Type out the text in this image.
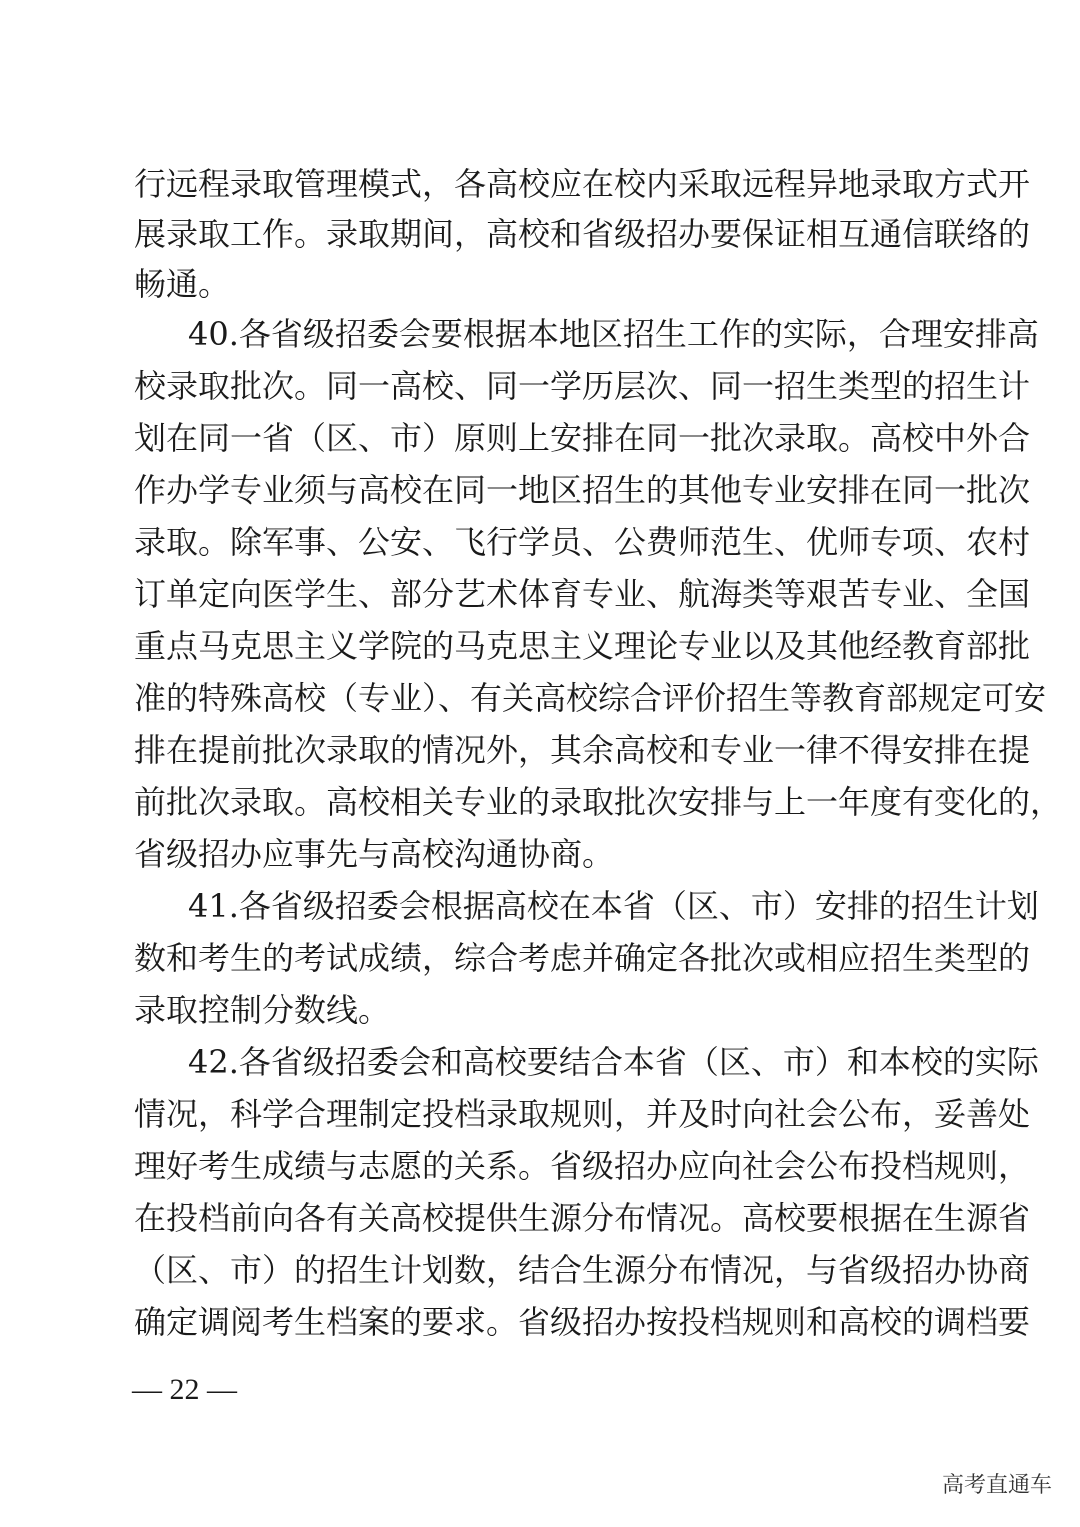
行远程录取管理模式，各高校应在校内采取远程异地录取方式开
展录取工作。录取期间，高校和省级招办要保证相互通信联络的
畅通。
40.各省级招委会要根据本地区招生工作的实际，合理安排高
校录取批次。同一高校、同一学历层次、同一招生类型的招生计
划在同一省（区、市）原则上安排在同一批次录取。高校中外合
作办学专业须与高校在同一地区招生的其他专业安排在同一批次
录取。除军事、公安、飞行学员、公费师范生、优师专项、农村
订单定向医学生、部分艺术体育专业、航海类等艰苦专业、全国
重点马克思主义学院的马克思主义理论专业以及其他经教育部批
准的特殊高校（专业）、有关高校综合评价招生等教育部规定可安
排在提前批次录取的情况外，其余高校和专业一律不得安排在提
前批次录取。高校相关专业的录取批次安排与上一年度有变化的，
省级招办应事先与高校沟通协商。
41.各省级招委会根据高校在本省（区、市）安排的招生计划
数和考生的考试成绩，综合考虑并确定各批次或相应招生类型的
录取控制分数线。
42.各省级招委会和高校要结合本省（区、市）和本校的实际
情况，科学合理制定投档录取规则，并及时向社会公布，妥善处
理好考生成绩与志愿的关系。省级招办应向社会公布投档规则，
在投档前向各有关高校提供生源分布情况。高校要根据在生源省
（区、市）的招生计划数，结合生源分布情况，与省级招办协商
确定调阅考生档案的要求。省级招办按投档规则和高校的调档要
— 22 —
高考直通车
